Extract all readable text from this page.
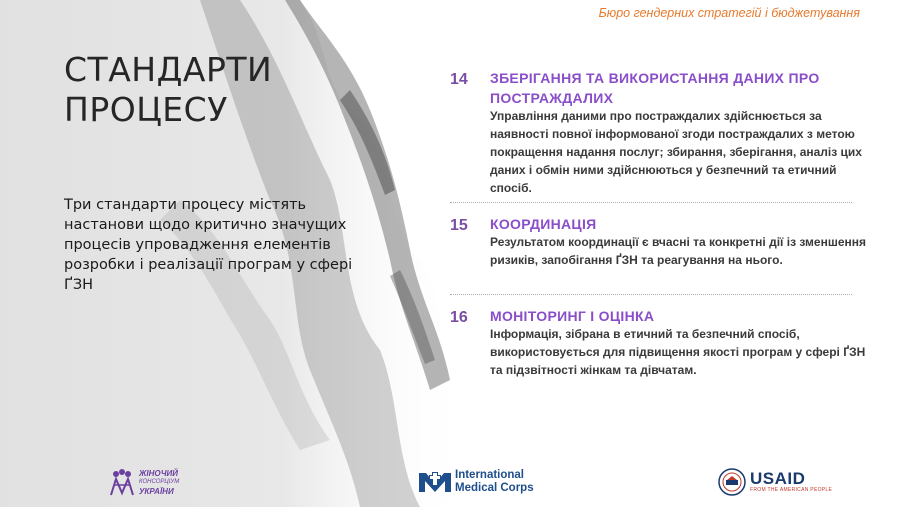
Бюро гендерних стратегій і бюджетування
СТАНДАРТИ
ПРОЦЕСУ
Три стандарти процесу містять настанови щодо критично значущих процесів упровадження елементів розробки і реалізації програм у сфері ҐЗН
14 ЗБЕРІГАННЯ ТА ВИКОРИСТАННЯ ДАНИХ ПРО ПОСТРАЖДАЛИХ
Управління даними про постраждалих здійснюється за наявності повної інформованої згоди постраждалих з метою покращення надання послуг; збирання, зберігання, аналіз цих даних і обмін ними здійснюються у безпечний та етичний спосіб.
15 КООРДИНАЦІЯ
Результатом координації є вчасні та конкретні дії із зменшення ризиків, запобігання ҐЗН та реагування на нього.
16 МОНІТОРИНГ І ОЦІНКА
Інформація, зібрана в етичний та безпечний спосіб, використовується для підвищення якості програм у сфері ҐЗН та підзвітності жінкам та дівчатам.
ЖІНОЧИЙ
КОНСОРЦІУМ
УКРАЇНИ
International
Medical Corps	USAID
FROM THE AMERICAN PEOPLE
